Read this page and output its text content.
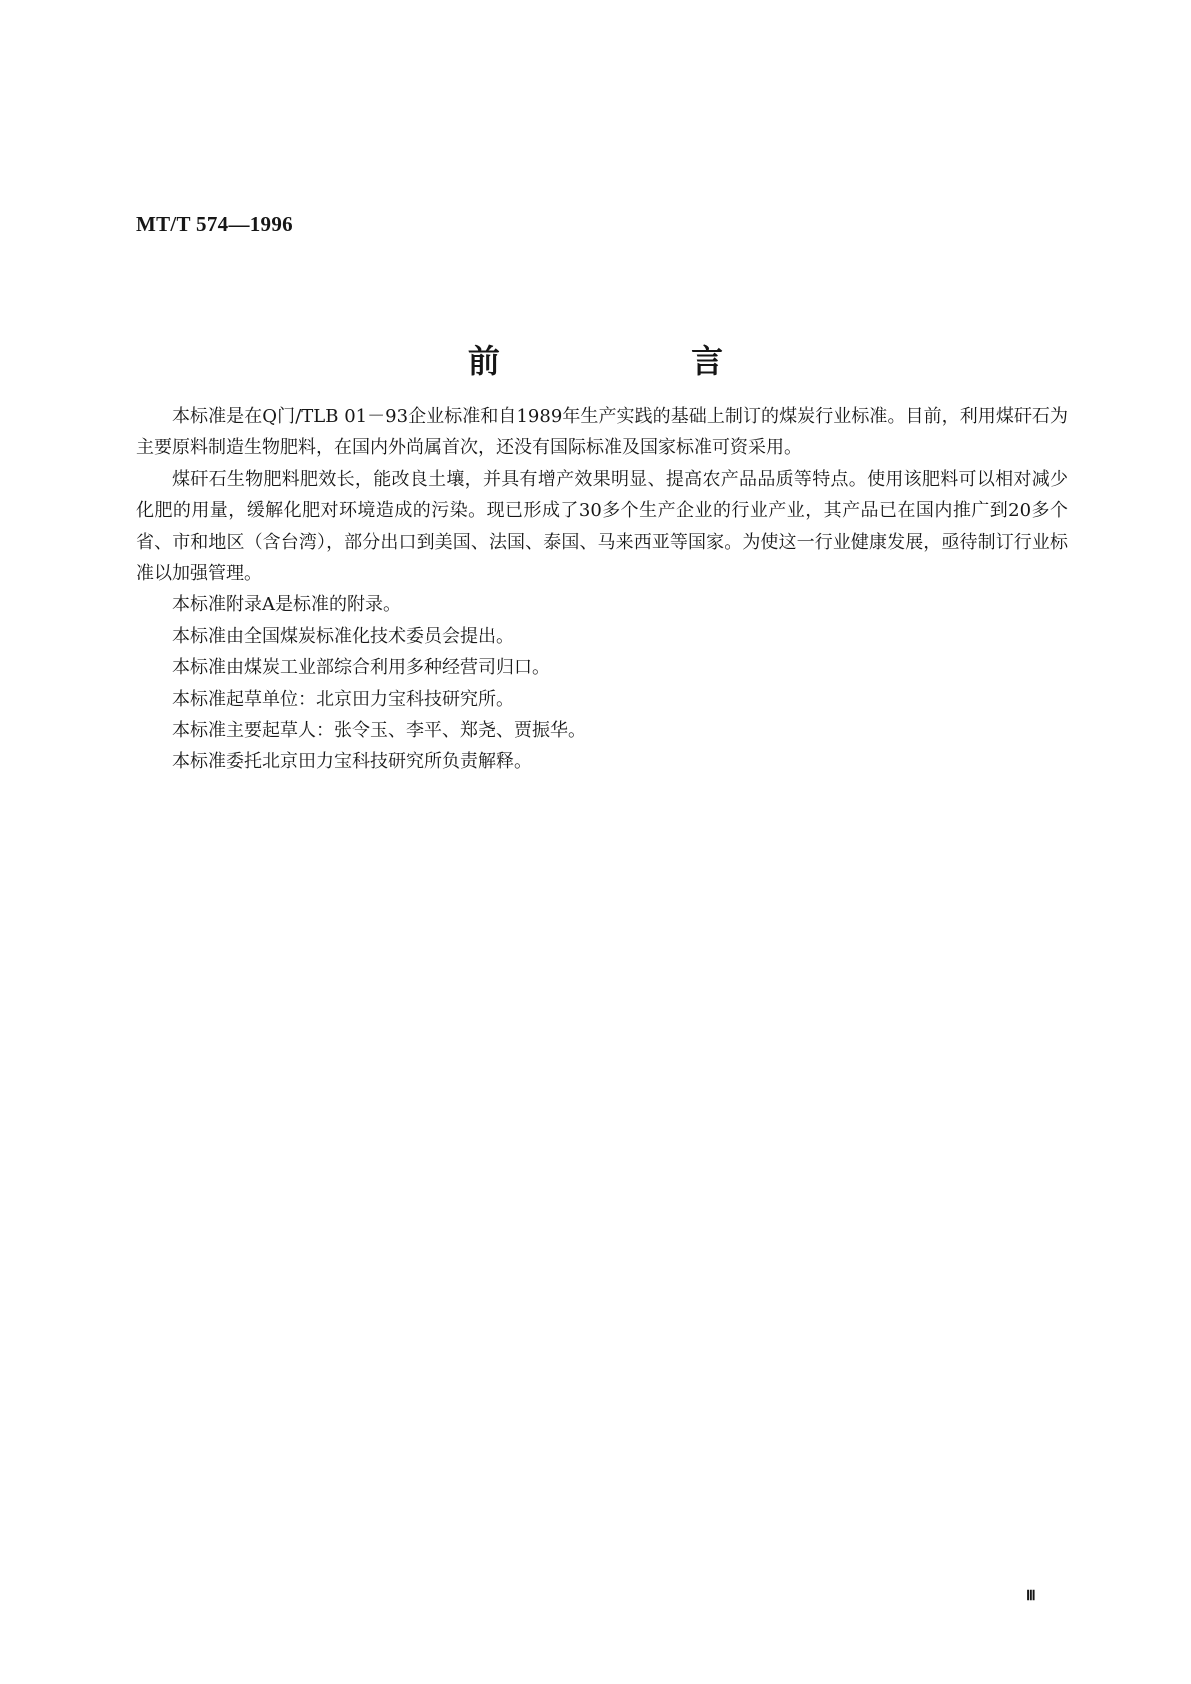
MT/T 574—1996
前 言

本标准是在Q门/TLB 01－93企业标准和自1989年生产实践的基础上制订的煤炭行业标准。目前，利用煤矸石为主要原料制造生物肥料，在国内外尚属首次，还没有国际标准及国家标准可资采用。

煤矸石生物肥料肥效长，能改良土壤，并具有增产效果明显、提高农产品品质等特点。使用该肥料可以相对减少化肥的用量，缓解化肥对环境造成的污染。现已形成了30多个生产企业的行业产业，其产品已在国内推广到20多个省、市和地区（含台湾），部分出口到美国、法国、泰国、马来西亚等国家。为使这一行业健康发展，亟待制订行业标准以加强管理。

本标准附录A是标准的附录。

本标准由全国煤炭标准化技术委员会提出。

本标准由煤炭工业部综合利用多种经营司归口。

本标准起草单位：北京田力宝科技研究所。

本标准主要起草人：张令玉、李平、郑尧、贾振华。

本标准委托北京田力宝科技研究所负责解释。

Ⅲ
